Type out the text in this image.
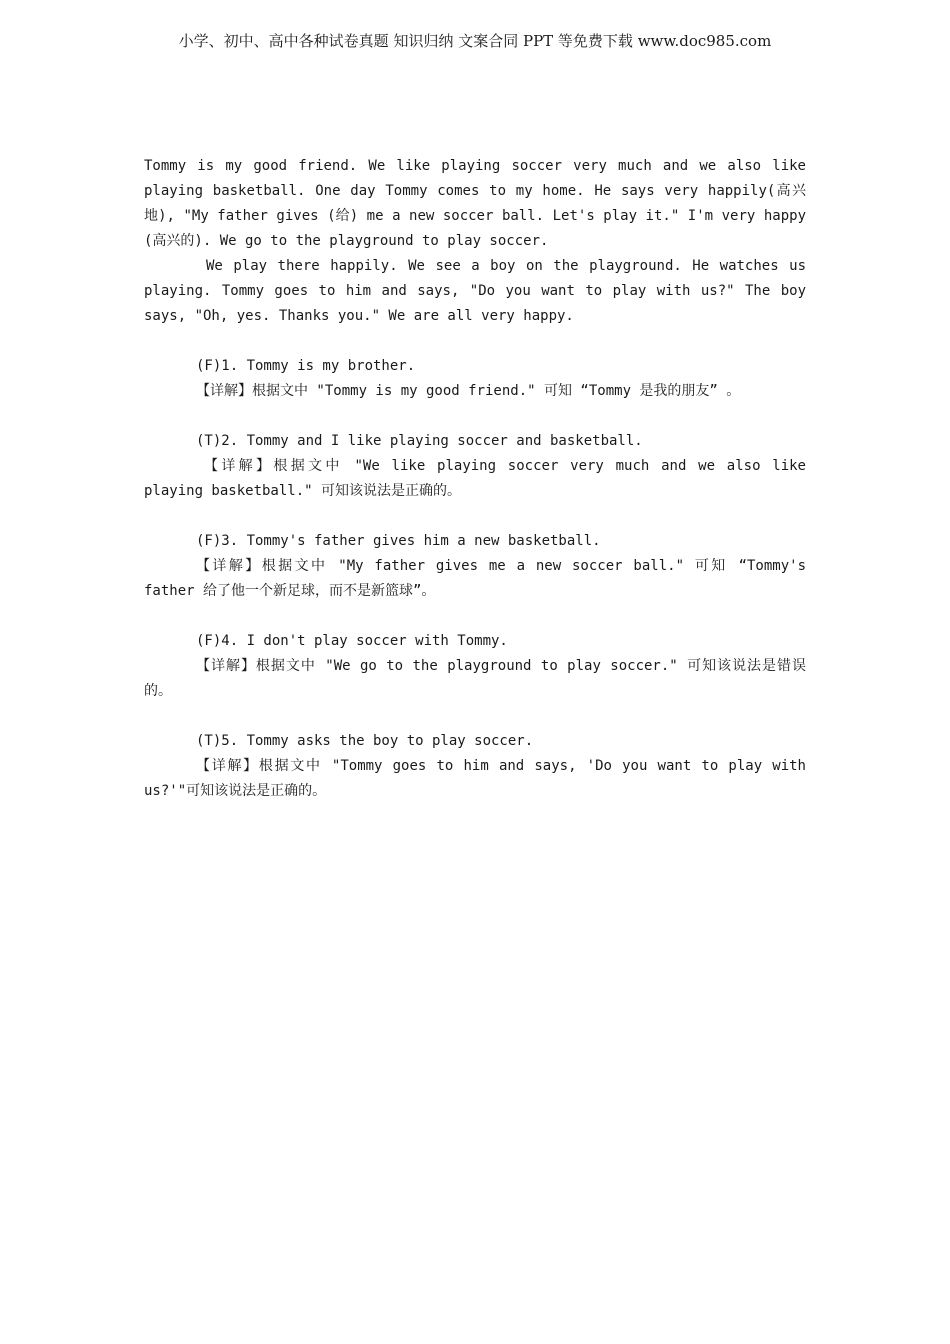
小学、初中、高中各种试卷真题 知识归纳 文案合同 PPT 等免费下载 www.doc985.com

Tommy is my good friend. We like playing soccer very much and we also like playing basketball. One day Tommy comes to my home. He says very happily(高兴地), "My father gives (给) me a new soccer ball. Let's play it." I'm very happy (高兴的). We go to the playground to play soccer.

We play there happily. We see a boy on the playground. He watches us playing. Tommy goes to him and says, "Do you want to play with us?" The boy says, "Oh, yes. Thanks you." We are all very happy.

(F)1. Tommy is my brother.

【详解】根据文中 "Tommy is my good friend." 可知 “Tommy 是我的朋友” 。

(T)2. Tommy and I like playing soccer and basketball.

【详解】根据文中 "We like playing soccer very much and we also like playing basketball." 可知该说法是正确的。

(F)3. Tommy's father gives him a new basketball.

【详解】根据文中 "My father gives me a new soccer ball." 可知 “Tommy's father 给了他一个新足球，而不是新篮球”。

(F)4. I don't play soccer with Tommy.

【详解】根据文中 "We go to the playground to play soccer." 可知该说法是错误的。

(T)5. Tommy asks the boy to play soccer.

【详解】根据文中 "Tommy goes to him and says, 'Do you want to play with us?'"可知该说法是正确的。
